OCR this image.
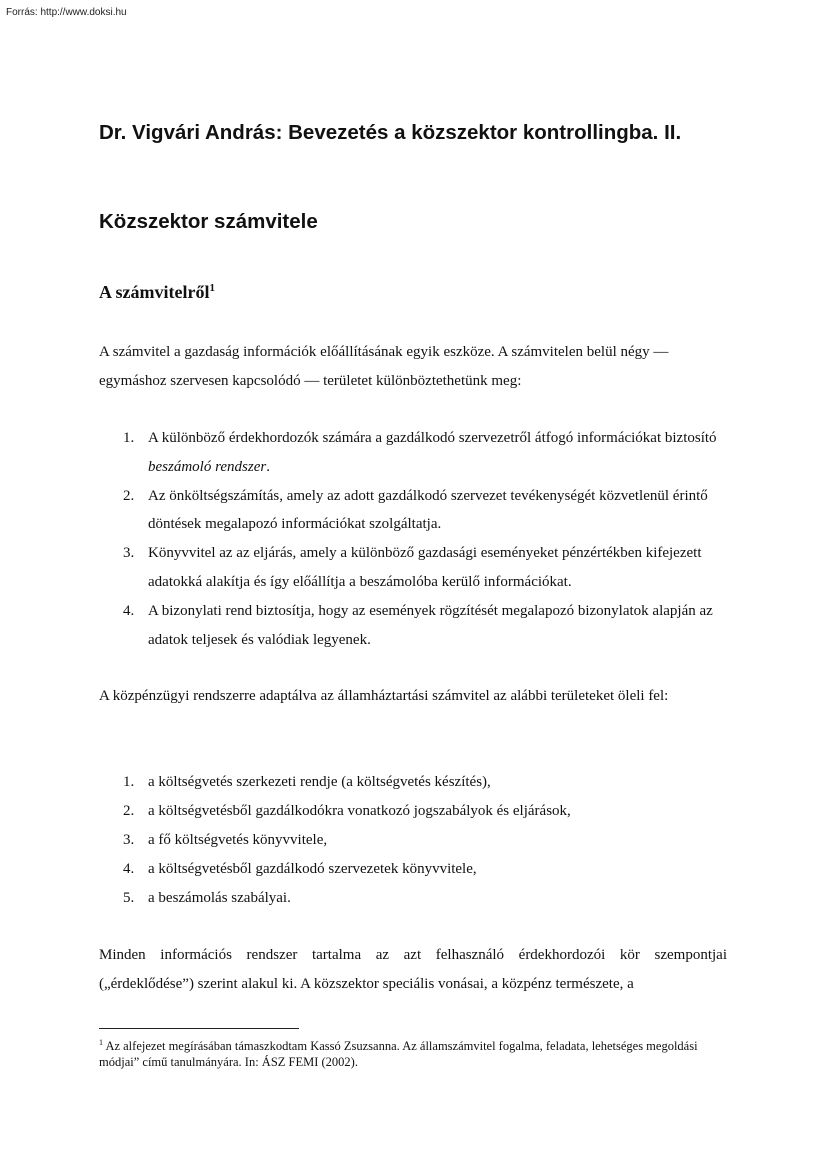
Forrás: http://www.doksi.hu
Dr. Vigvári András: Bevezetés a közszektor kontrollingba. II.
Közszektor számvitele
A számvitelről$^1$

A számvitel a gazdaság információk előállításának egyik eszköze. A számvitelen belül négy — egymáshoz szervesen kapcsolódó — területet különböztethetünk meg:

1. A különböző érdekhordozók számára a gazdálkodó szervezetről átfogó információkat biztosító beszámoló rendszer.
2. Az önköltségszámítás, amely az adott gazdálkodó szervezet tevékenységét közvetlenül érintő döntések megalapozó információkat szolgáltatja.
3. Könyvvitel az az eljárás, amely a különböző gazdasági eseményeket pénzértékben kifejezett adatokká alakítja és így előállítja a beszámolóba kerülő információkat.
4. A bizonylati rend biztosítja, hogy az események rögzítését megalapozó bizonylatok alapján az adatok teljesek és valódiak legyenek.

A közpénzügyi rendszerre adaptálva az államháztartási számvitel az alábbi területeket öleli fel:

1. a költségvetés szerkezeti rendje (a költségvetés készítés),
2. a költségvetésből gazdálkodókra vonatkozó jogszabályok és eljárások,
3. a fő költségvetés könyvvitele,
4. a költségvetésből gazdálkodó szervezetek könyvvitele,
5. a beszámolás szabályai.

Minden információs rendszer tartalma az azt felhasználó érdekhordozói kör szempontjai („érdeklődése”) szerint alakul ki. A közszektor speciális vonásai, a közpénz természete, a

$^1$ Az alfejezet megírásában támaszkodtam Kassó Zsuzsanna. Az államszámvitel fogalma, feladata, lehetséges megoldási módjai” című tanulmányára. In: ÁSZ FEMI (2002).
